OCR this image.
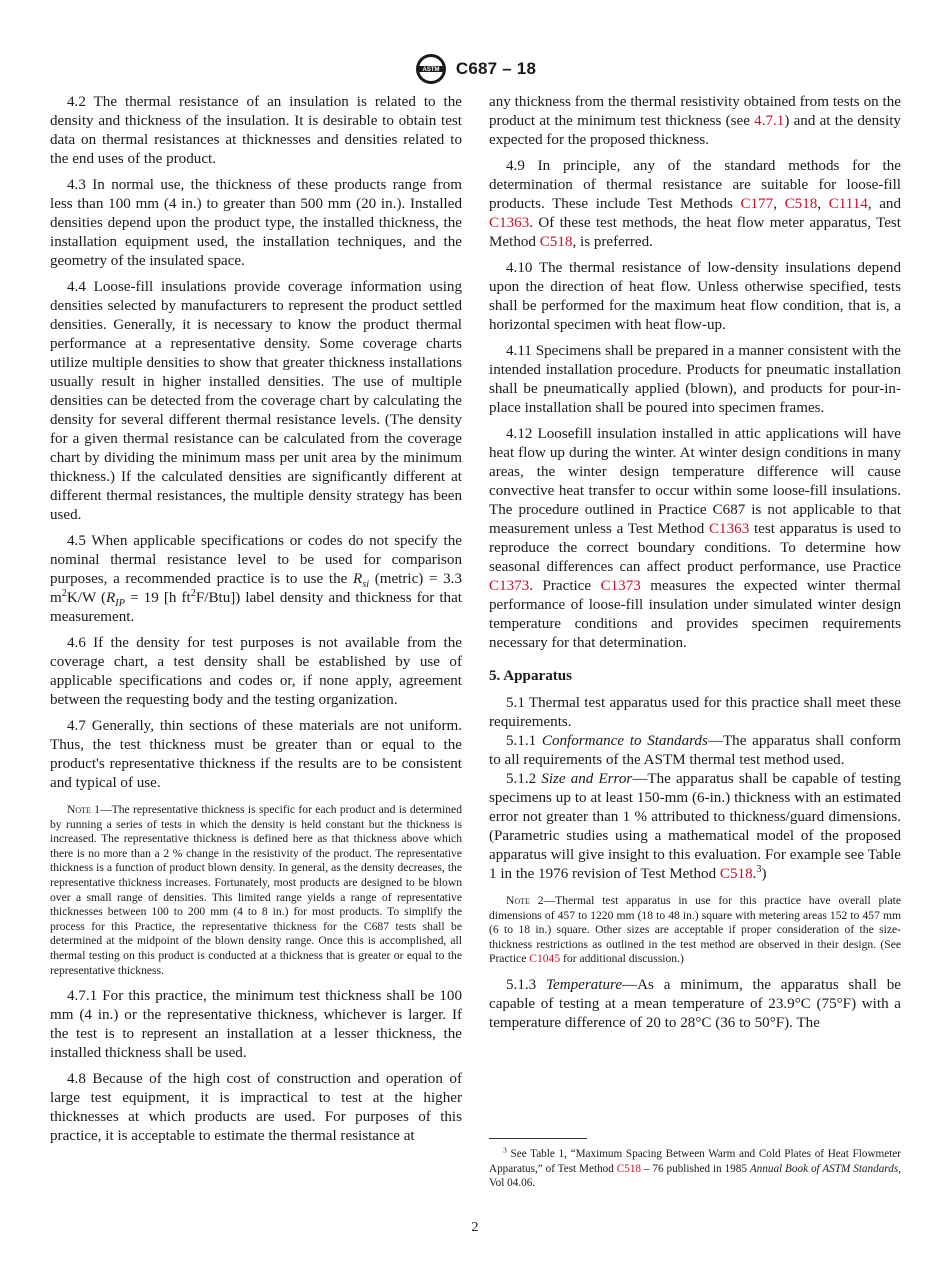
ASTM C687 – 18

4.2 The thermal resistance of an insulation is related to the density and thickness of the insulation. It is desirable to obtain test data on thermal resistances at thicknesses and densities related to the end uses of the product.

4.3 In normal use, the thickness of these products range from less than 100 mm (4 in.) to greater than 500 mm (20 in.). Installed densities depend upon the product type, the installed thickness, the installation equipment used, the installation techniques, and the geometry of the insulated space.

4.4 Loose-fill insulations provide coverage information using densities selected by manufacturers to represent the product settled densities. Generally, it is necessary to know the product thermal performance at a representative density. Some coverage charts utilize multiple densities to show that greater thickness installations usually result in higher installed densities. The use of multiple densities can be detected from the coverage chart by calculating the density for several different thermal resistance levels. (The density for a given thermal resistance can be calculated from the coverage chart by dividing the minimum mass per unit area by the minimum thickness.) If the calculated densities are significantly different at different thermal resistances, the multiple density strategy has been used.

4.5 When applicable specifications or codes do not specify the nominal thermal resistance level to be used for comparison purposes, a recommended practice is to use the $R_{si}$ (metric) = 3.3 $m^2K/W$ ($R_{IP} = 19$ [h $ft^2F/Btu$]) label density and thickness for that measurement.

4.6 If the density for test purposes is not available from the coverage chart, a test density shall be established by use of applicable specifications and codes or, if none apply, agreement between the requesting body and the testing organization.

4.7 Generally, thin sections of these materials are not uniform. Thus, the test thickness must be greater than or equal to the product's representative thickness if the results are to be consistent and typical of use.

Note 1—The representative thickness is specific for each product and is determined by running a series of tests in which the density is held constant but the thickness is increased. The representative thickness is defined here as that thickness above which there is no more than a 2 % change in the resistivity of the product. The representative thickness is a function of product blown density. In general, as the density decreases, the representative thickness increases. Fortunately, most products are designed to be blown over a small range of densities. This limited range yields a range of representative thicknesses between 100 to 200 mm (4 to 8 in.) for most products. To simplify the process for this Practice, the representative thickness for the C687 tests shall be determined at the midpoint of the blown density range. Once this is accomplished, all thermal testing on this product is conducted at a thickness that is greater or equal to the representative thickness.

4.7.1 For this practice, the minimum test thickness shall be 100 mm (4 in.) or the representative thickness, whichever is larger. If the test is to represent an installation at a lesser thickness, the installed thickness shall be used.

4.8 Because of the high cost of construction and operation of large test equipment, it is impractical to test at the higher thicknesses at which products are used. For purposes of this practice, it is acceptable to estimate the thermal resistance at

any thickness from the thermal resistivity obtained from tests on the product at the minimum test thickness (see 4.7.1) and at the density expected for the proposed thickness.

4.9 In principle, any of the standard methods for the determination of thermal resistance are suitable for loose-fill products. These include Test Methods C177, C518, C1114, and C1363. Of these test methods, the heat flow meter apparatus, Test Method C518, is preferred.

4.10 The thermal resistance of low-density insulations depend upon the direction of heat flow. Unless otherwise specified, tests shall be performed for the maximum heat flow condition, that is, a horizontal specimen with heat flow-up.

4.11 Specimens shall be prepared in a manner consistent with the intended installation procedure. Products for pneumatic installation shall be pneumatically applied (blown), and products for pour-in-place installation shall be poured into specimen frames.

4.12 Loosefill insulation installed in attic applications will have heat flow up during the winter. At winter design conditions in many areas, the winter design temperature difference will cause convective heat transfer to occur within some loose-fill insulations. The procedure outlined in Practice C687 is not applicable to that measurement unless a Test Method C1363 test apparatus is used to reproduce the correct boundary conditions. To determine how seasonal differences can affect product performance, use Practice C1373. Practice C1373 measures the expected winter thermal performance of loose-fill insulation under simulated winter design temperature conditions and provides specimen requirements necessary for that determination.

5. Apparatus

5.1 Thermal test apparatus used for this practice shall meet these requirements.

5.1.1 Conformance to Standards—The apparatus shall conform to all requirements of the ASTM thermal test method used.

5.1.2 Size and Error—The apparatus shall be capable of testing specimens up to at least 150-mm (6-in.) thickness with an estimated error not greater than 1 % attributed to thickness/guard dimensions. (Parametric studies using a mathematical model of the proposed apparatus will give insight to this evaluation. For example see Table 1 in the 1976 revision of Test Method C518.$^3$)

Note 2—Thermal test apparatus in use for this practice have overall plate dimensions of 457 to 1220 mm (18 to 48 in.) square with metering areas 152 to 457 mm (6 to 18 in.) square. Other sizes are acceptable if proper consideration of the size-thickness restrictions as outlined in the test method are observed in their design. (See Practice C1045 for additional discussion.)

5.1.3 Temperature—As a minimum, the apparatus shall be capable of testing at a mean temperature of 23.9°C (75°F) with a temperature difference of 20 to 28°C (36 to 50°F). The

$^3$ See Table 1, “Maximum Spacing Between Warm and Cold Plates of Heat Flowmeter Apparatus,” of Test Method C518 – 76 published in 1985 Annual Book of ASTM Standards, Vol 04.06.

2
